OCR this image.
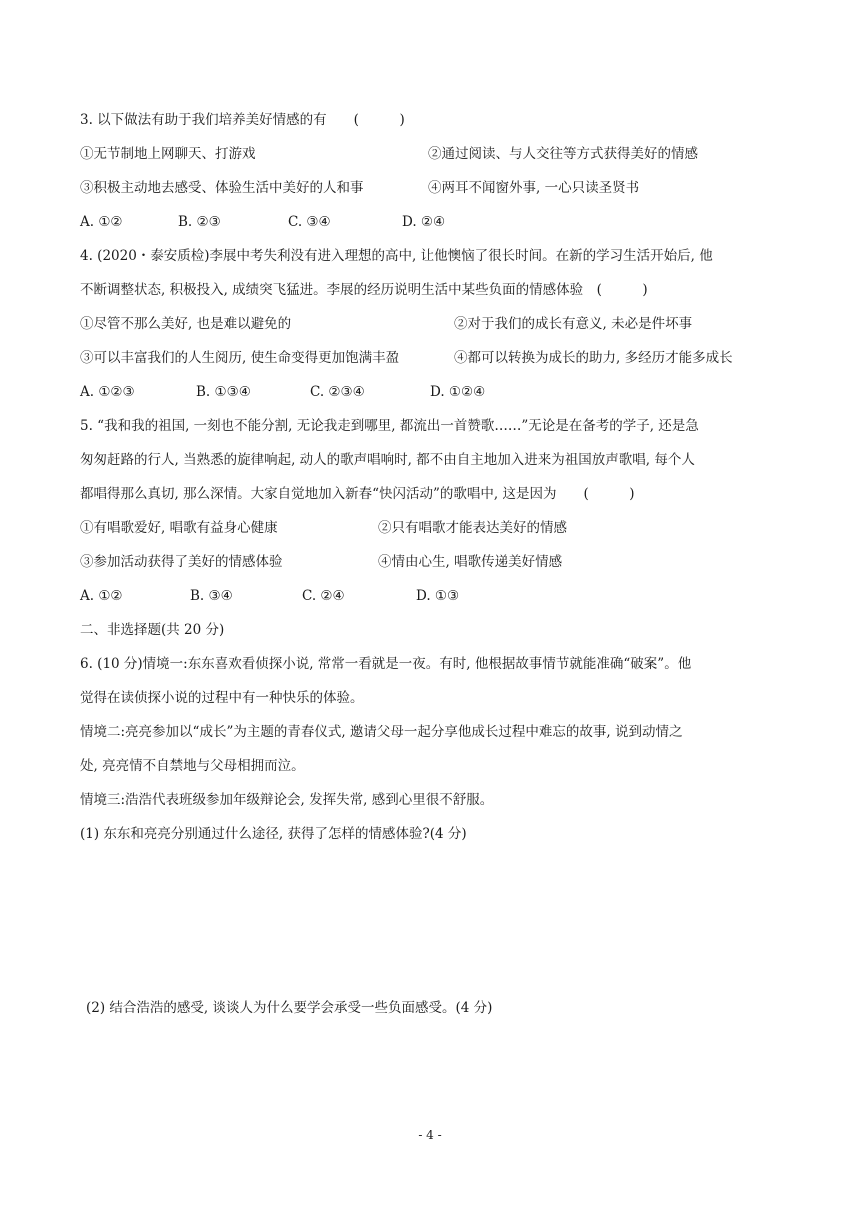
3. 以下做法有助于我们培养美好情感的有　　(　　　)
①无节制地上网聊天、打游戏	②通过阅读、与人交往等方式获得美好的情感
③积极主动地去感受、体验生活中美好的人和事	④两耳不闻窗外事, 一心只读圣贤书
A. ①②	B. ②③	C. ③④	D. ②④
4. (2020・泰安质检)李展中考失利没有进入理想的高中, 让他懊恼了很长时间。在新的学习生活开始后, 他
不断调整状态, 积极投入, 成绩突飞猛进。李展的经历说明生活中某些负面的情感体验　(　　　)
①尽管不那么美好, 也是难以避免的	②对于我们的成长有意义, 未必是件坏事
③可以丰富我们的人生阅历, 使生命变得更加饱满丰盈	④都可以转换为成长的助力, 多经历才能多成长
A. ①②③	B. ①③④	C. ②③④	D. ①②④
5. “我和我的祖国, 一刻也不能分割, 无论我走到哪里, 都流出一首赞歌……”无论是在备考的学子, 还是急
匆匆赶路的行人, 当熟悉的旋律响起, 动人的歌声唱响时, 都不由自主地加入进来为祖国放声歌唱, 每个人
都唱得那么真切, 那么深情。大家自觉地加入新春“快闪活动”的歌唱中, 这是因为　　(　　　)
①有唱歌爱好, 唱歌有益身心健康	②只有唱歌才能表达美好的情感
③参加活动获得了美好的情感体验	④情由心生, 唱歌传递美好情感
A. ①②	B. ③④	C. ②④	D. ①③
二、非选择题(共 20 分)
6. (10 分)情境一:东东喜欢看侦探小说, 常常一看就是一夜。有时, 他根据故事情节就能准确“破案”。他
觉得在读侦探小说的过程中有一种快乐的体验。
情境二:亮亮参加以“成长”为主题的青春仪式, 邀请父母一起分享他成长过程中难忘的故事, 说到动情之
处, 亮亮情不自禁地与父母相拥而泣。
情境三:浩浩代表班级参加年级辩论会, 发挥失常, 感到心里很不舒服。
(1) 东东和亮亮分别通过什么途径, 获得了怎样的情感体验?(4 分)
(2) 结合浩浩的感受, 谈谈人为什么要学会承受一些负面感受。(4 分)
- 4 -
